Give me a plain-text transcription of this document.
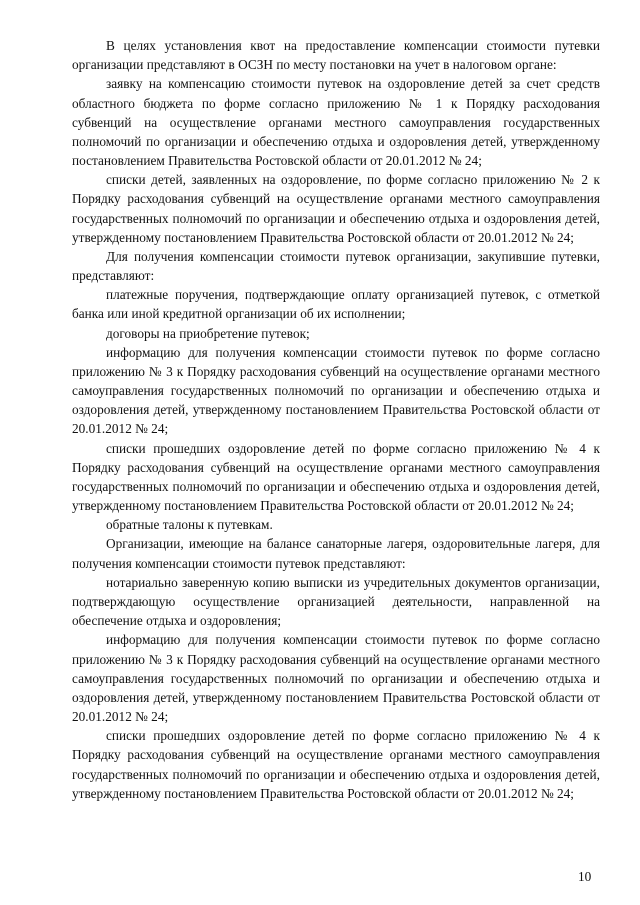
В целях установления квот на предоставление компенсации стоимости путевки организации представляют в ОСЗН по месту постановки на учет в налоговом органе:

заявку на компенсацию стоимости путевок на оздоровление детей за счет средств областного бюджета по форме согласно приложению № 1 к Порядку расходования субвенций на осуществление органами местного самоуправления государственных полномочий по организации и обеспечению отдыха и оздоровления детей, утвержденному постановлением Правительства Ростовской области от 20.01.2012 № 24;

списки детей, заявленных на оздоровление, по форме согласно приложению № 2 к Порядку расходования субвенций на осуществление органами местного самоуправления государственных полномочий по организации и обеспечению отдыха и оздоровления детей, утвержденному постановлением Правительства Ростовской области от 20.01.2012 № 24;

Для получения компенсации стоимости путевок организации, закупившие путевки, представляют:

платежные поручения, подтверждающие оплату организацией путевок, с отметкой банка или иной кредитной организации об их исполнении;

договоры на приобретение путевок;

информацию для получения компенсации стоимости путевок по форме согласно приложению № 3 к Порядку расходования субвенций на осуществление органами местного самоуправления государственных полномочий по организации и обеспечению отдыха и оздоровления детей, утвержденному постановлением Правительства Ростовской области от 20.01.2012 № 24;

списки прошедших оздоровление детей по форме согласно приложению № 4 к Порядку расходования субвенций на осуществление органами местного самоуправления государственных полномочий по организации и обеспечению отдыха и оздоровления детей, утвержденному постановлением Правительства Ростовской области от 20.01.2012 № 24;

обратные талоны к путевкам.

Организации, имеющие на балансе санаторные лагеря, оздоровительные лагеря, для получения компенсации стоимости путевок представляют:

нотариально заверенную копию выписки из учредительных документов организации, подтверждающую осуществление организацией деятельности, направленной на обеспечение отдыха и оздоровления;

информацию для получения компенсации стоимости путевок по форме согласно приложению № 3 к Порядку расходования субвенций на осуществление органами местного самоуправления государственных полномочий по организации и обеспечению отдыха и оздоровления детей, утвержденному постановлением Правительства Ростовской области от 20.01.2012 № 24;

списки прошедших оздоровление детей по форме согласно приложению № 4 к Порядку расходования субвенций на осуществление органами местного самоуправления государственных полномочий по организации и обеспечению отдыха и оздоровления детей, утвержденному постановлением Правительства Ростовской области от 20.01.2012 № 24;

10
